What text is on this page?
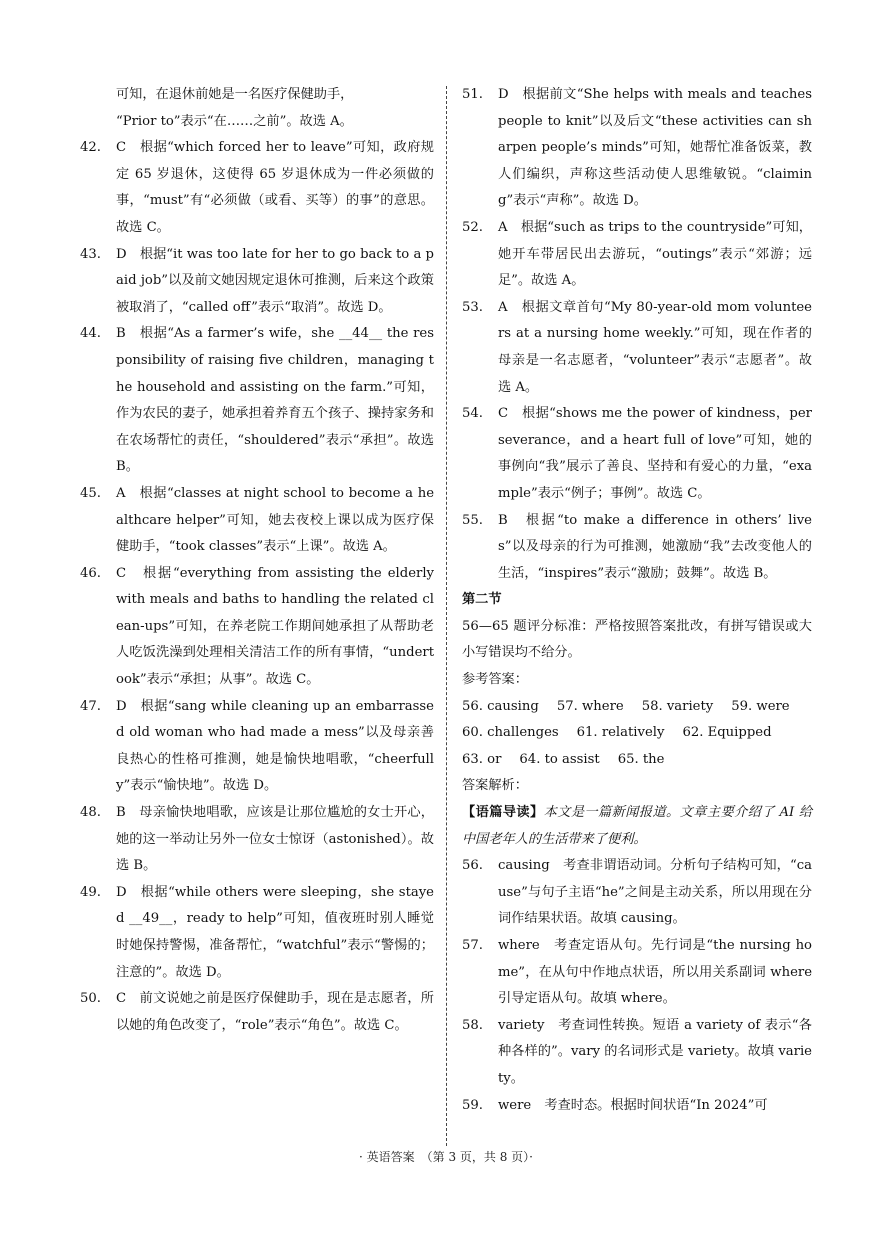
可知，在退休前她是一名医疗保健助手，
“Prior to”表示“在……之前”。故选 A。
42.	C　根据“which forced her to leave”可知，政府规定 65 岁退休，这使得 65 岁退休成为一件必须做的事，“must”有“必须做（或看、买等）的事”的意思。故选 C。
43.	D　根据“it was too late for her to go back to a paid job”以及前文她因规定退休可推测，后来这个政策被取消了，“called off”表示“取消”。故选 D。
44.	B　根据“As a farmer’s wife，she __44__ the responsibility of raising five children，managing the household and assisting on the farm.”可知，作为农民的妻子，她承担着养育五个孩子、操持家务和在农场帮忙的责任，“shouldered”表示“承担”。故选 B。
45.	A　根据“classes at night school to become a healthcare helper”可知，她去夜校上课以成为医疗保健助手，“took classes”表示“上课”。故选 A。
46.	C　根据“everything from assisting the elderly with meals and baths to handling the related clean-ups”可知，在养老院工作期间她承担了从帮助老人吃饭洗澡到处理相关清洁工作的所有事情，“undertook”表示“承担；从事”。故选 C。
47.	D　根据“sang while cleaning up an embarrassed old woman who had made a mess”以及母亲善良热心的性格可推测，她是愉快地唱歌，“cheerfully”表示“愉快地”。故选 D。
48.	B　母亲愉快地唱歌，应该是让那位尴尬的女士开心，她的这一举动让另外一位女士惊讶（astonished）。故选 B。
49.	D　根据“while others were sleeping，she stayed __49__，ready to help”可知，值夜班时别人睡觉时她保持警惕，准备帮忙，“watchful”表示“警惕的；注意的”。故选 D。
50.	C　前文说她之前是医疗保健助手，现在是志愿者，所以她的角色改变了，“role”表示“角色”。故选 C。
51.	D　根据前文“She helps with meals and teaches people to knit”以及后文“these activities can sharpen people’s minds”可知，她帮忙准备饭菜，教人们编织，声称这些活动使人思维敏锐。“claiming”表示“声称”。故选 D。
52.	A　根据“such as trips to the countryside”可知，她开车带居民出去游玩，“outings”表示“郊游；远足”。故选 A。
53.	A　根据文章首句“My 80-year-old mom volunteers at a nursing home weekly.”可知，现在作者的母亲是一名志愿者，“volunteer”表示“志愿者”。故选 A。
54.	C　根据“shows me the power of kindness，perseverance，and a heart full of love”可知，她的事例向“我”展示了善良、坚持和有爱心的力量，“example”表示“例子；事例”。故选 C。
55.	B　根据“to make a difference in others’ lives”以及母亲的行为可推测，她激励“我”去改变他人的生活，“inspires”表示“激励；鼓舞”。故选 B。
第二节
56—65 题评分标准：严格按照答案批改，有拼写错误或大小写错误均不给分。
参考答案：
56. causing 57. where 58. variety 59. were
60. challenges 61. relatively 62. Equipped
63. or 64. to assist 65. the
答案解析：
【语篇导读】本文是一篇新闻报道。文章主要介绍了 AI 给中国老年人的生活带来了便利。
56.	causing　考查非谓语动词。分析句子结构可知，“cause”与句子主语“he”之间是主动关系，所以用现在分词作结果状语。故填 causing。
57.	where　考查定语从句。先行词是“the nursing home”，在从句中作地点状语，所以用关系副词 where 引导定语从句。故填 where。
58.	variety　考查词性转换。短语 a variety of 表示“各种各样的”。vary 的名词形式是 variety。故填 variety。
59.	were　考查时态。根据时间状语“In 2024”可
· 英语答案　（第 3 页，共 8 页）·
